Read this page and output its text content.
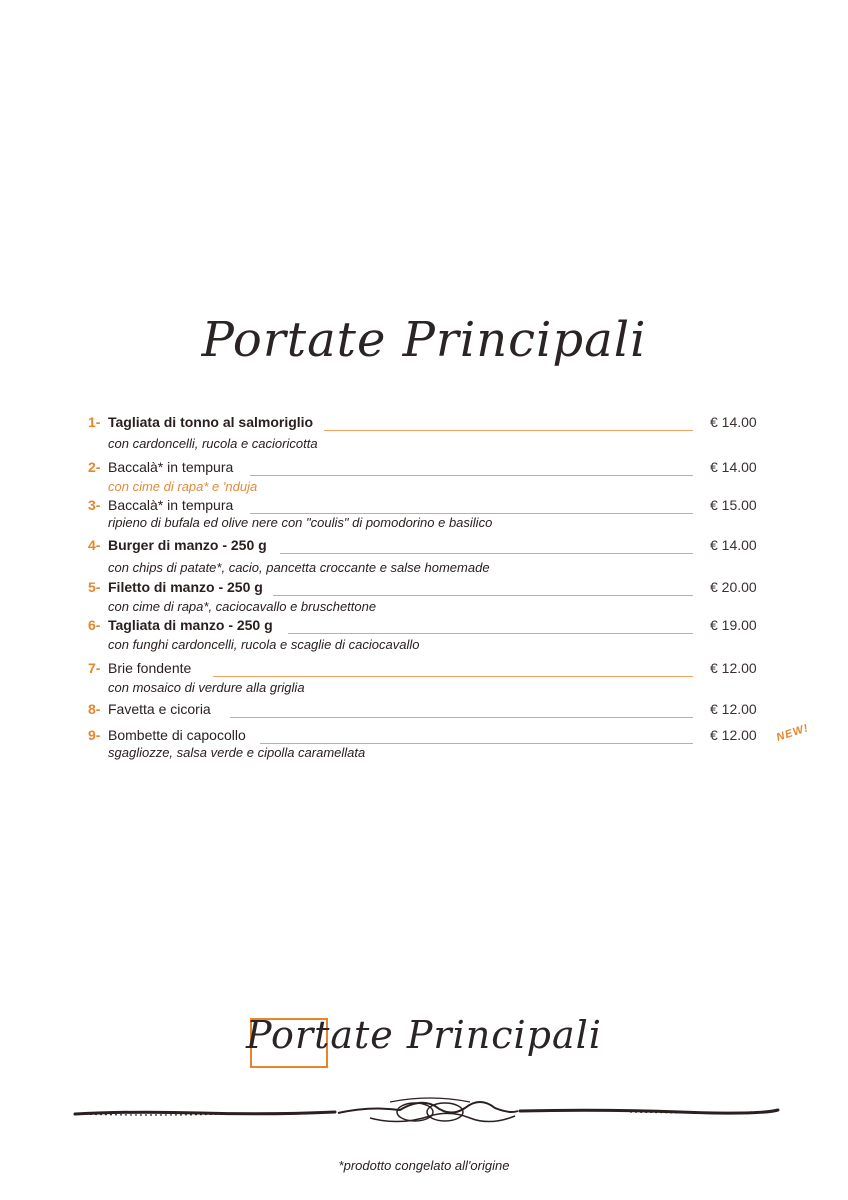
Portate Principali
1- Tagliata di tonno al salmoriglio	€ 14.00
con cardoncelli, rucola e cacioricotta
2- Baccalà* in tempura	€ 14.00
con cime di rapa* e 'nduja
3- Baccalà* in tempura	€ 15.00
ripieno di bufala ed olive nere con "coulis" di pomodorino e basilico
4- Burger di manzo - 250 g	€ 14.00
con chips di patate*, cacio, pancetta croccante e salse homemade
5- Filetto di manzo - 250 g	€ 20.00
con cime di rapa*, caciocavallo e bruschettone
6- Tagliata di manzo - 250 g	€ 19.00
con funghi cardoncelli, rucola e scaglie di caciocavallo
7- Brie fondente	€ 12.00
con mosaico di verdure alla griglia
8- Favetta e cicoria	€ 12.00
9- Bombette di capocollo	€ 12.00
sgagliozze, salsa verde e cipolla caramellata
NEW!
Portate Principali
*prodotto congelato all'origine
